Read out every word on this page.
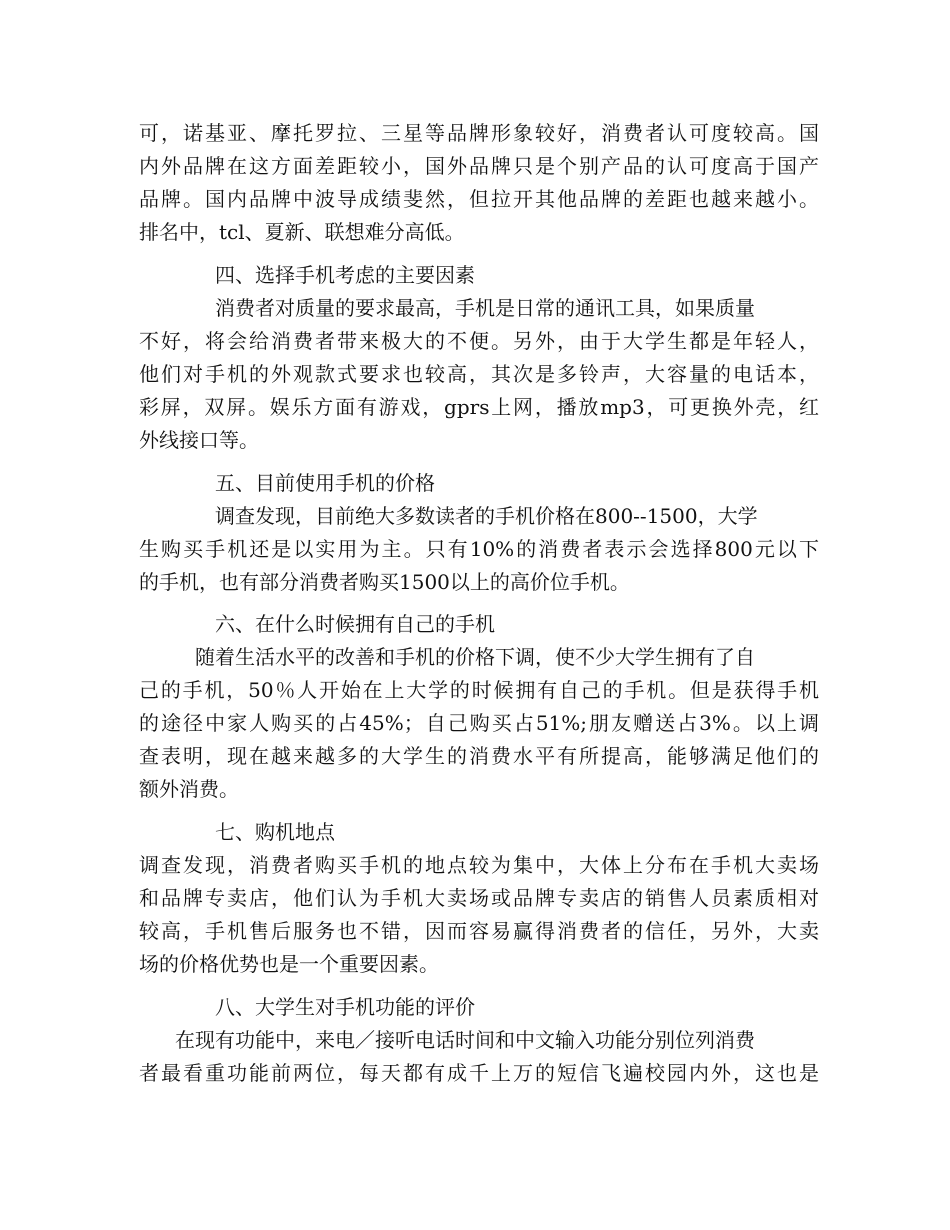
可，诺基亚、摩托罗拉、三星等品牌形象较好，消费者认可度较高。国
内外品牌在这方面差距较小，国外品牌只是个别产品的认可度高于国产
品牌。国内品牌中波导成绩斐然，但拉开其他品牌的差距也越来越小。
排名中，tcl、夏新、联想难分高低。
四、选择手机考虑的主要因素
消费者对质量的要求最高，手机是日常的通讯工具，如果质量
不好，将会给消费者带来极大的不便。另外，由于大学生都是年轻人，
他们对手机的外观款式要求也较高，其次是多铃声，大容量的电话本，
彩屏，双屏。娱乐方面有游戏，gprs上网，播放mp3，可更换外壳，红
外线接口等。
五、目前使用手机的价格
调查发现，目前绝大多数读者的手机价格在800--1500，大学
生购买手机还是以实用为主。只有10%的消费者表示会选择800元以下
的手机，也有部分消费者购买1500以上的高价位手机。
六、在什么时候拥有自己的手机
随着生活水平的改善和手机的价格下调，使不少大学生拥有了自
己的手机，50％人开始在上大学的时候拥有自己的手机。但是获得手机
的途径中家人购买的占45%；自己购买占51%;朋友赠送占3%。以上调
查表明，现在越来越多的大学生的消费水平有所提高，能够满足他们的
额外消费。
七、购机地点
调查发现，消费者购买手机的地点较为集中，大体上分布在手机大卖场
和品牌专卖店，他们认为手机大卖场或品牌专卖店的销售人员素质相对
较高，手机售后服务也不错，因而容易赢得消费者的信任，另外，大卖
场的价格优势也是一个重要因素。
八、大学生对手机功能的评价
在现有功能中，来电／接听电话时间和中文输入功能分别位列消费
者最看重功能前两位，每天都有成千上万的短信飞遍校园内外，这也是
